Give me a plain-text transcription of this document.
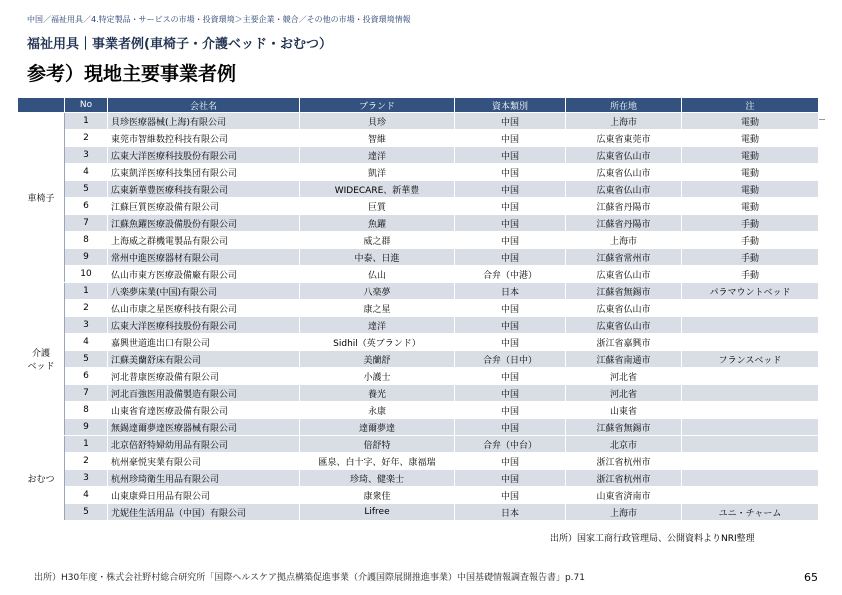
中国／福祉用具／4.特定製品・サービスの市場・投資環境＞主要企業・競合／その他の市場・投資環境情報
福祉用具｜事業者例(車椅子・介護ベッド・おむつ）
参考）現地主要事業者例
	No	会社名	ブランド	資本類別	所在地	注
車椅子	1	貝珍医療器械(上海)有限公司	貝珍	中国	上海市	電動
	2	東莞市智維数控科技有限公司	智維	中国	広東省東莞市	電動
	3	広東大洋医療科技股份有限公司	達洋	中国	広東省仏山市	電動
	4	広東凱洋医療科技集団有限公司	凱洋	中国	広東省仏山市	電動
	5	広東新華豊医療科技有限公司	WIDECARE、新華豊	中国	広東省仏山市	電動
	6	江蘇巨質医療設備有限公司	巨質	中国	江蘇省丹陽市	電動
	7	江蘇魚躍医療設備股份有限公司	魚躍	中国	江蘇省丹陽市	手動
	8	上海威之群機電製品有限公司	威之群	中国	上海市	手動
	9	常州中進医療器材有限公司	中泰、日進	中国	江蘇省常州市	手動
	10	仏山市東方医療設備廠有限公司	仏山	合弁（中港）	広東省仏山市	手動
介護
ベッド	1	八楽夢床業(中国)有限公司	八楽夢	日本	江蘇省無錫市	パラマウントベッド
	2	仏山市康之星医療科技有限公司	康之星	中国	広東省仏山市	
	3	広東大洋医療科技股份有限公司	達洋	中国	広東省仏山市	
	4	嘉興世道進出口有限公司	Sidhil（英ブランド）	中国	浙江省嘉興市	
	5	江蘇美蘭舒床有限公司	美蘭舒	合弁（日中）	江蘇省南通市	フランスベッド
	6	河北普康医療設備有限公司	小護士	中国	河北省	
	7	河北百強医用設備製造有限公司	養光	中国	河北省	
	8	山東省育達医療設備有限公司	永康	中国	山東省	
	9	無錫達爾夢達医療器械有限公司	達爾夢達	中国	江蘇省無錫市	
おむつ	1	北京倍舒特婦幼用品有限公司	倍舒特	合弁（中台）	北京市	
	2	杭州豪悦実業有限公司	匯泉、白十字、好年、康福瑞	中国	浙江省杭州市	
	3	杭州珍琦衛生用品有限公司	珍琦、健楽士	中国	浙江省杭州市	
	4	山東康舜日用品有限公司	康衆佳	中国	山東省済南市	
	5	尤妮佳生活用品（中国）有限公司	Lifree	日本	上海市	ユニ・チャーム
出所）国家工商行政管理局、公開資料よりNRI整理
出所）H30年度・株式会社野村総合研究所「国際ヘルスケア拠点構築促進事業（介護国際展開推進事業）中国基礎情報調査報告書」p.71	65
